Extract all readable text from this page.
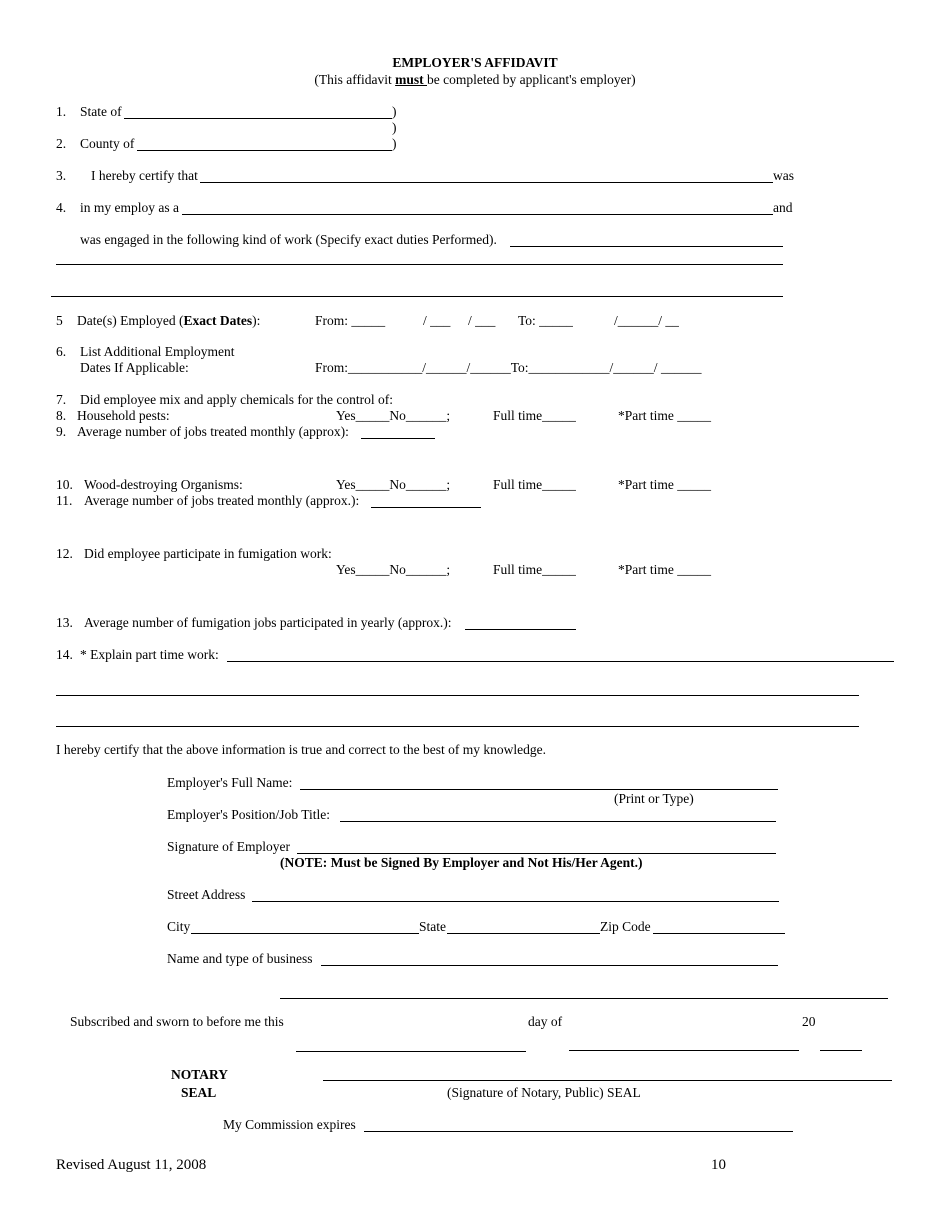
EMPLOYER'S AFFIDAVIT
(This affidavit must be completed by applicant's employer)
1. State of	)
)
2. County of	)
3. I hereby certify that	was
4. in my employ as a	and
was engaged in the following kind of work (Specify exact duties Performed).
5 Date(s) Employed (Exact Dates):	From: _____	/ ___ / ___ To: _____	/______/ __
6. List Additional Employment
Dates If Applicable:	From:___________/______/______To:____________/______/ ______
7. Did employee mix and apply chemicals for the control of:
8. Household pests:	Yes_____No______;	Full time_____	*Part time _____
9. Average number of jobs treated monthly (approx):
10. Wood-destroying Organisms:	Yes_____No______;	Full time_____	*Part time _____
11. Average number of jobs treated monthly (approx.):
12. Did employee participate in fumigation work:
Yes_____No______;	Full time_____	*Part time _____
13. Average number of fumigation jobs participated in yearly (approx.):
14. * Explain part time work:
I hereby certify that the above information is true and correct to the best of my knowledge.
Employer's Full Name:
(Print or Type)
Employer's Position/Job Title:
Signature of Employer
(NOTE: Must be Signed By Employer and Not His/Her Agent.)
Street Address
City	State	Zip Code
Name and type of business
Subscribed and sworn to before me this	day of	20
NOTARY
SEAL	(Signature of Notary, Public) SEAL
My Commission expires
Revised August 11, 2008	10
